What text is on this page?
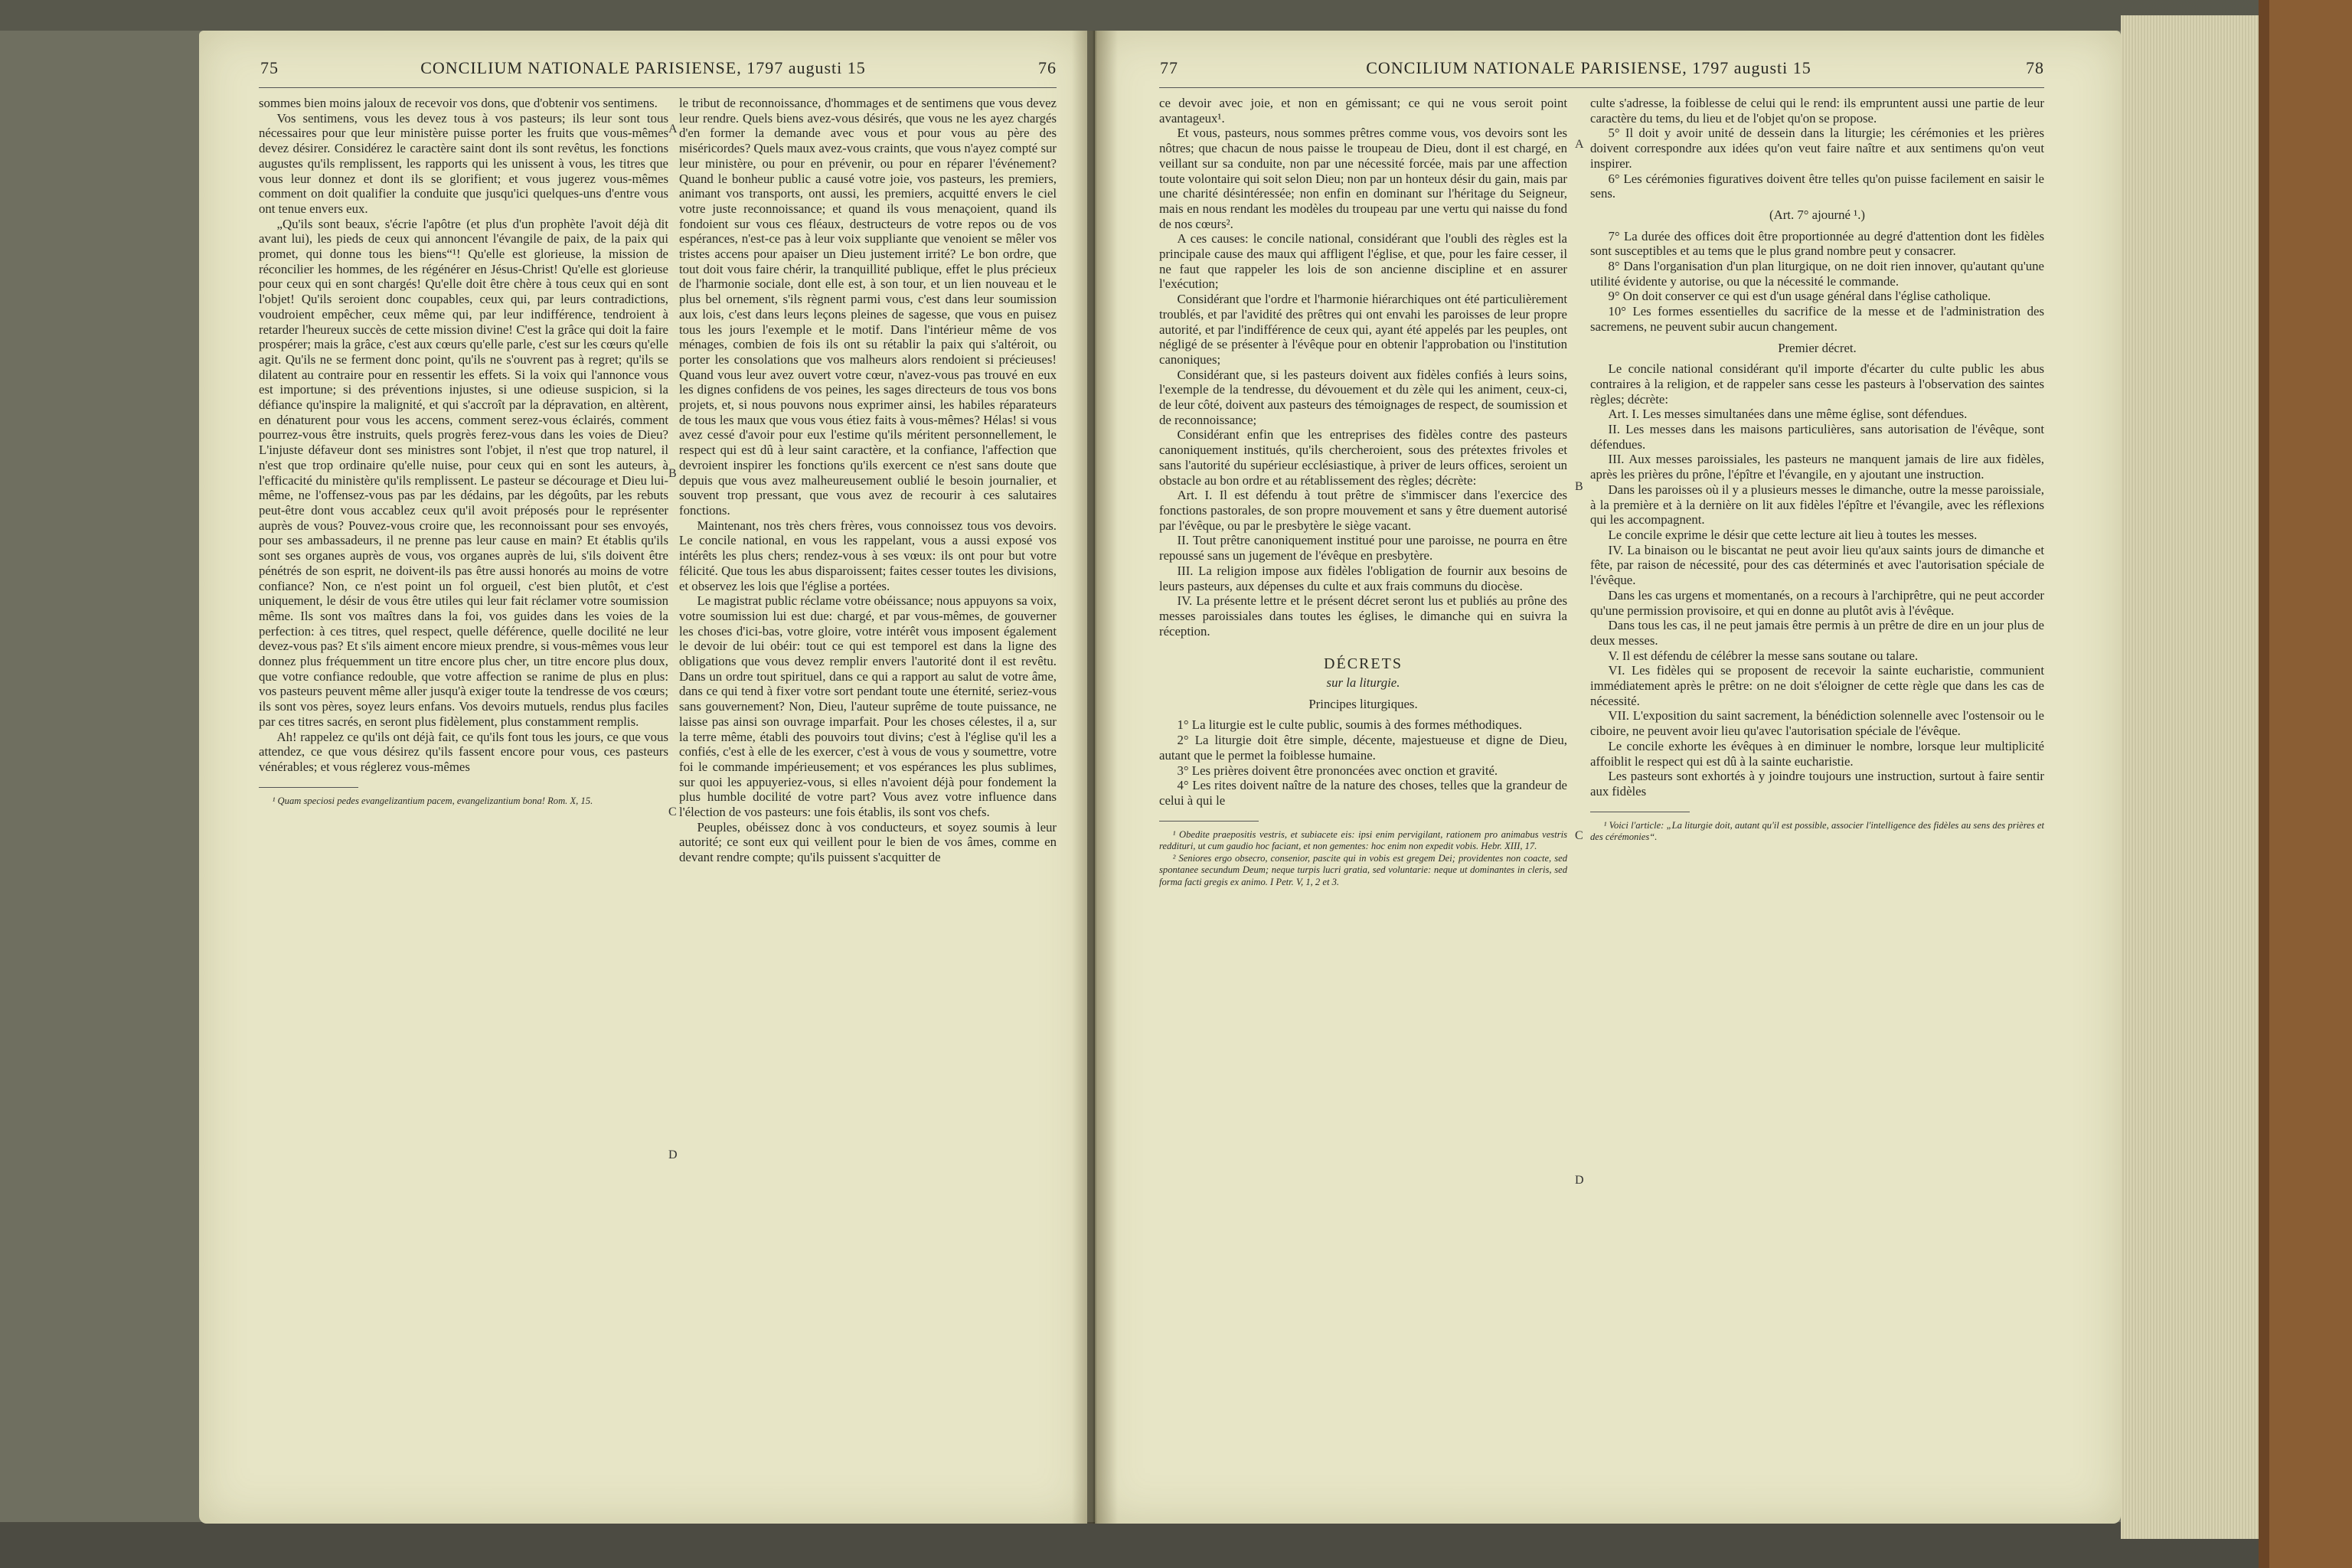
75	CONCILIUM NATIONALE PARISIENSE, 1797 augusti 15	76

sommes bien moins jaloux de recevoir vos dons, que d'obtenir vos sentimens.

Vos sentimens, vous les devez tous à vos pasteurs; ils leur sont tous nécessaires pour que leur ministère puisse porter les fruits que vous-mêmes devez désirer. Considérez le caractère saint dont ils sont revêtus, les fonctions augustes qu'ils remplissent, les rapports qui les unissent à vous, les titres que vous leur donnez et dont ils se glorifient; et vous jugerez vous-mêmes comment on doit qualifier la conduite que jusqu'ici quelques-uns d'entre vous ont tenue envers eux.

„Qu'ils sont beaux, s'écrie l'apôtre (et plus d'un prophète l'avoit déjà dit avant lui), les pieds de ceux qui annoncent l'évangile de paix, de la paix qui promet, qui donne tous les biens“¹! Qu'elle est glorieuse, la mission de réconcilier les hommes, de les régénérer en Jésus-Christ! Qu'elle est glorieuse pour ceux qui en sont chargés! Qu'elle doit être chère à tous ceux qui en sont l'objet! Qu'ils seroient donc coupables, ceux qui, par leurs contradictions, voudroient empêcher, ceux même qui, par leur indifférence, tendroient à retarder l'heureux succès de cette mission divine! C'est la grâce qui doit la faire prospérer; mais la grâce, c'est aux cœurs qu'elle parle, c'est sur les cœurs qu'elle agit. Qu'ils ne se ferment donc point, qu'ils ne s'ouvrent pas à regret; qu'ils se dilatent au contraire pour en ressentir les effets. Si la voix qui l'annonce vous est importune; si des préventions injustes, si une odieuse suspicion, si la défiance qu'inspire la malignité, et qui s'accroît par la dépravation, en altèrent, en dénaturent pour vous les accens, comment serez-vous éclairés, comment pourrez-vous être instruits, quels progrès ferez-vous dans les voies de Dieu? L'injuste défaveur dont ses ministres sont l'objet, il n'est que trop naturel, il n'est que trop ordinaire qu'elle nuise, pour ceux qui en sont les auteurs, à l'efficacité du ministère qu'ils remplissent. Le pasteur se décourage et Dieu lui-même, ne l'offensez-vous pas par les dédains, par les dégoûts, par les rebuts peut-être dont vous accablez ceux qu'il avoit préposés pour le représenter auprès de vous? Pouvez-vous croire que, les reconnoissant pour ses envoyés, pour ses ambassadeurs, il ne prenne pas leur cause en main? Et établis qu'ils sont ses organes auprès de vous, vos organes auprès de lui, s'ils doivent être pénétrés de son esprit, ne doivent-ils pas être aussi honorés au moins de votre confiance? Non, ce n'est point un fol orgueil, c'est bien plutôt, et c'est uniquement, le désir de vous être utiles qui leur fait réclamer votre soumission même. Ils sont vos maîtres dans la foi, vos guides dans les voies de la perfection: à ces titres, quel respect, quelle déférence, quelle docilité ne leur devez-vous pas? Et s'ils aiment encore mieux prendre, si vous-mêmes vous leur donnez plus fréquemment un titre encore plus cher, un titre encore plus doux, que votre confiance redouble, que votre affection se ranime de plus en plus: vos pasteurs peuvent même aller jusqu'à exiger toute la tendresse de vos cœurs; ils sont vos pères, soyez leurs enfans. Vos devoirs mutuels, rendus plus faciles par ces titres sacrés, en seront plus fidèlement, plus constamment remplis.

Ah! rappelez ce qu'ils ont déjà fait, ce qu'ils font tous les jours, ce que vous attendez, ce que vous désirez qu'ils fassent encore pour vous, ces pasteurs vénérables; et vous réglerez vous-mêmes

¹ Quam speciosi pedes evangelizantium pacem, evangelizantium bona! Rom. X, 15.

A
B
C
D

le tribut de reconnoissance, d'hommages et de sentimens que vous devez leur rendre. Quels biens avez-vous désirés, que vous ne les ayez chargés d'en former la demande avec vous et pour vous au père des miséricordes? Quels maux avez-vous craints, que vous n'ayez compté sur leur ministère, ou pour en prévenir, ou pour en réparer l'événement? Quand le bonheur public a causé votre joie, vos pasteurs, les premiers, animant vos transports, ont aussi, les premiers, acquitté envers le ciel votre juste reconnoissance; et quand ils vous menaçoient, quand ils fondoient sur vous ces fléaux, destructeurs de votre repos ou de vos espérances, n'est-ce pas à leur voix suppliante que venoient se mêler vos tristes accens pour apaiser un Dieu justement irrité? Le bon ordre, que tout doit vous faire chérir, la tranquillité publique, effet le plus précieux de l'harmonie sociale, dont elle est, à son tour, et un lien nouveau et le plus bel ornement, s'ils règnent parmi vous, c'est dans leur soumission aux lois, c'est dans leurs leçons pleines de sagesse, que vous en puisez tous les jours l'exemple et le motif. Dans l'intérieur même de vos ménages, combien de fois ils ont su rétablir la paix qui s'altéroit, ou porter les consolations que vos malheurs alors rendoient si précieuses! Quand vous leur avez ouvert votre cœur, n'avez-vous pas trouvé en eux les dignes confidens de vos peines, les sages directeurs de tous vos bons projets, et, si nous pouvons nous exprimer ainsi, les habiles réparateurs de tous les maux que vous vous étiez faits à vous-mêmes? Hélas! si vous avez cessé d'avoir pour eux l'estime qu'ils méritent personnellement, le respect qui est dû à leur saint caractère, et la confiance, l'affection que devroient inspirer les fonctions qu'ils exercent ce n'est sans doute que depuis que vous avez malheureusement oublié le besoin journalier, et souvent trop pressant, que vous avez de recourir à ces salutaires fonctions.

Maintenant, nos très chers frères, vous connoissez tous vos devoirs. Le concile national, en vous les rappelant, vous a aussi exposé vos intérêts les plus chers; rendez-vous à ses vœux: ils ont pour but votre félicité. Que tous les abus disparoissent; faites cesser toutes les divisions, et observez les lois que l'église a portées.

Le magistrat public réclame votre obéissance; nous appuyons sa voix, votre soumission lui est due: chargé, et par vous-mêmes, de gouverner les choses d'ici-bas, votre gloire, votre intérêt vous imposent également le devoir de lui obéir: tout ce qui est temporel est dans la ligne des obligations que vous devez remplir envers l'autorité dont il est revêtu. Dans un ordre tout spirituel, dans ce qui a rapport au salut de votre âme, dans ce qui tend à fixer votre sort pendant toute une éternité, seriez-vous sans gouvernement? Non, Dieu, l'auteur suprême de toute puissance, ne laisse pas ainsi son ouvrage imparfait. Pour les choses célestes, il a, sur la terre même, établi des pouvoirs tout divins; c'est à l'église qu'il les a confiés, c'est à elle de les exercer, c'est à vous de vous y soumettre, votre foi le commande impérieusement; et vos espérances les plus sublimes, sur quoi les appuyeriez-vous, si elles n'avoient déjà pour fondement la plus humble docilité de votre part? Vous avez votre influence dans l'élection de vos pasteurs: une fois établis, ils sont vos chefs.

Peuples, obéissez donc à vos conducteurs, et soyez soumis à leur autorité; ce sont eux qui veillent pour le bien de vos âmes, comme en devant rendre compte; qu'ils puissent s'acquitter de

77	CONCILIUM NATIONALE PARISIENSE, 1797 augusti 15	78

ce devoir avec joie, et non en gémissant; ce qui ne vous seroit point avantageux¹.

Et vous, pasteurs, nous sommes prêtres comme vous, vos devoirs sont les nôtres; que chacun de nous paisse le troupeau de Dieu, dont il est chargé, en veillant sur sa conduite, non par une nécessité forcée, mais par une affection toute volontaire qui soit selon Dieu; non par un honteux désir du gain, mais par une charité désintéressée; non enfin en dominant sur l'héritage du Seigneur, mais en nous rendant les modèles du troupeau par une vertu qui naisse du fond de nos cœurs².

A ces causes: le concile national, considérant que l'oubli des règles est la principale cause des maux qui affligent l'église, et que, pour les faire cesser, il ne faut que rappeler les lois de son ancienne discipline et en assurer l'exécution;

Considérant que l'ordre et l'harmonie hiérarchiques ont été particulièrement troublés, et par l'avidité des prêtres qui ont envahi les paroisses de leur propre autorité, et par l'indifférence de ceux qui, ayant été appelés par les peuples, ont négligé de se présenter à l'évêque pour en obtenir l'approbation ou l'institution canoniques;

Considérant que, si les pasteurs doivent aux fidèles confiés à leurs soins, l'exemple de la tendresse, du dévouement et du zèle qui les animent, ceux-ci, de leur côté, doivent aux pasteurs des témoignages de respect, de soumission et de reconnoissance;

Considérant enfin que les entreprises des fidèles contre des pasteurs canoniquement institués, qu'ils chercheroient, sous des prétextes frivoles et sans l'autorité du supérieur ecclésiastique, à priver de leurs offices, seroient un obstacle au bon ordre et au rétablissement des règles; décrète:

Art. I. Il est défendu à tout prêtre de s'immiscer dans l'exercice des fonctions pastorales, de son propre mouvement et sans y être duement autorisé par l'évêque, ou par le presbytère le siège vacant.

II. Tout prêtre canoniquement institué pour une paroisse, ne pourra en être repoussé sans un jugement de l'évêque en presbytère.

III. La religion impose aux fidèles l'obligation de fournir aux besoins de leurs pasteurs, aux dépenses du culte et aux frais communs du diocèse.

IV. La présente lettre et le présent décret seront lus et publiés au prône des messes paroissiales dans toutes les églises, le dimanche qui en suivra la réception.

DÉCRETS

sur la liturgie.

Principes liturgiques.

1° La liturgie est le culte public, soumis à des formes méthodiques.

2° La liturgie doit être simple, décente, majestueuse et digne de Dieu, autant que le permet la foiblesse humaine.

3° Les prières doivent être prononcées avec onction et gravité.

4° Les rites doivent naître de la nature des choses, telles que la grandeur de celui à qui le

¹ Obedite praepositis vestris, et subiacete eis: ipsi enim pervigilant, rationem pro animabus vestris reddituri, ut cum gaudio hoc faciant, et non gementes: hoc enim non expedit vobis. Hebr. XIII, 17.

² Seniores ergo obsecro, consenior, pascite qui in vobis est gregem Dei; providentes non coacte, sed spontanee secundum Deum; neque turpis lucri gratia, sed voluntarie: neque ut dominantes in cleris, sed forma facti gregis ex animo. I Petr. V, 1, 2 et 3.

A
B
C
D

culte s'adresse, la foiblesse de celui qui le rend: ils empruntent aussi une partie de leur caractère du tems, du lieu et de l'objet qu'on se propose.

5° Il doit y avoir unité de dessein dans la liturgie; les cérémonies et les prières doivent correspondre aux idées qu'on veut faire naître et aux sentimens qu'on veut inspirer.

6° Les cérémonies figuratives doivent être telles qu'on puisse facilement en saisir le sens.

(Art. 7° ajourné ¹.)

7° La durée des offices doit être proportionnée au degré d'attention dont les fidèles sont susceptibles et au tems que le plus grand nombre peut y consacrer.

8° Dans l'organisation d'un plan liturgique, on ne doit rien innover, qu'autant qu'une utilité évidente y autorise, ou que la nécessité le commande.

9° On doit conserver ce qui est d'un usage général dans l'église catholique.

10° Les formes essentielles du sacrifice de la messe et de l'administration des sacremens, ne peuvent subir aucun changement.

Premier décret.

Le concile national considérant qu'il importe d'écarter du culte public les abus contraires à la religion, et de rappeler sans cesse les pasteurs à l'observation des saintes règles; décrète:

Art. I. Les messes simultanées dans une même église, sont défendues.

II. Les messes dans les maisons particulières, sans autorisation de l'évêque, sont défendues.

III. Aux messes paroissiales, les pasteurs ne manquent jamais de lire aux fidèles, après les prières du prône, l'épître et l'évangile, en y ajoutant une instruction.

Dans les paroisses où il y a plusieurs messes le dimanche, outre la messe paroissiale, à la première et à la dernière on lit aux fidèles l'épître et l'évangile, avec les réflexions qui les accompagnent.

Le concile exprime le désir que cette lecture ait lieu à toutes les messes.

IV. La binaison ou le biscantat ne peut avoir lieu qu'aux saints jours de dimanche et fête, par raison de nécessité, pour des cas déterminés et avec l'autorisation spéciale de l'évêque.

Dans les cas urgens et momentanés, on a recours à l'archiprêtre, qui ne peut accorder qu'une permission provisoire, et qui en donne au plutôt avis à l'évêque.

Dans tous les cas, il ne peut jamais être permis à un prêtre de dire en un jour plus de deux messes.

V. Il est défendu de célébrer la messe sans soutane ou talare.

VI. Les fidèles qui se proposent de recevoir la sainte eucharistie, communient immédiatement après le prêtre: on ne doit s'éloigner de cette règle que dans les cas de nécessité.

VII. L'exposition du saint sacrement, la bénédiction solennelle avec l'ostensoir ou le ciboire, ne peuvent avoir lieu qu'avec l'autorisation spéciale de l'évêque.

Le concile exhorte les évêques à en diminuer le nombre, lorsque leur multiplicité affoiblit le respect qui est dû à la sainte eucharistie.

Les pasteurs sont exhortés à y joindre toujours une instruction, surtout à faire sentir aux fidèles

¹ Voici l'article: „La liturgie doit, autant qu'il est possible, associer l'intelligence des fidèles au sens des prières et des cérémonies“.
